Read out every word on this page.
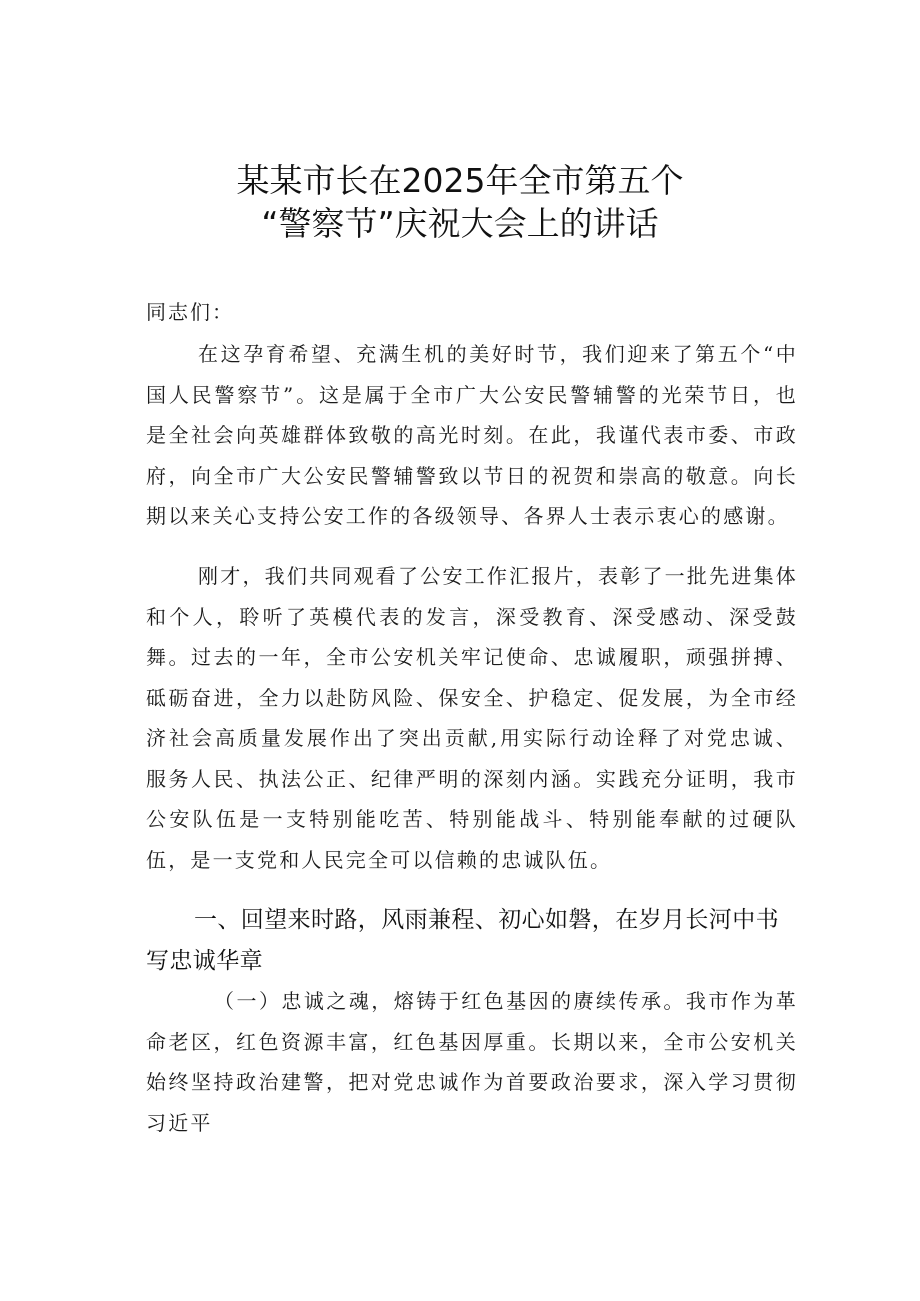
某某市长在2025年全市第五个
“警察节”庆祝大会上的讲话
同志们：

在这孕育希望、充满生机的美好时节，我们迎来了第五个“中国人民警察节”。这是属于全市广大公安民警辅警的光荣节日，也是全社会向英雄群体致敬的高光时刻。在此，我谨代表市委、市政府，向全市广大公安民警辅警致以节日的祝贺和崇高的敬意。向长期以来关心支持公安工作的各级领导、各界人士表示衷心的感谢。

刚才，我们共同观看了公安工作汇报片，表彰了一批先进集体和个人，聆听了英模代表的发言，深受教育、深受感动、深受鼓舞。过去的一年，全市公安机关牢记使命、忠诚履职，顽强拼搏、砥砺奋进，全力以赴防风险、保安全、护稳定、促发展，为全市经济社会高质量发展作出了突出贡献,用实际行动诠释了对党忠诚、服务人民、执法公正、纪律严明的深刻内涵。实践充分证明，我市公安队伍是一支特别能吃苦、特别能战斗、特别能奉献的过硬队伍，是一支党和人民完全可以信赖的忠诚队伍。

一、回望来时路，风雨兼程、初心如磐，在岁月长河中书写忠诚华章

（一）忠诚之魂，熔铸于红色基因的赓续传承。我市作为革命老区，红色资源丰富，红色基因厚重。长期以来，全市公安机关始终坚持政治建警，把对党忠诚作为首要政治要求，深入学习贯彻习近平
